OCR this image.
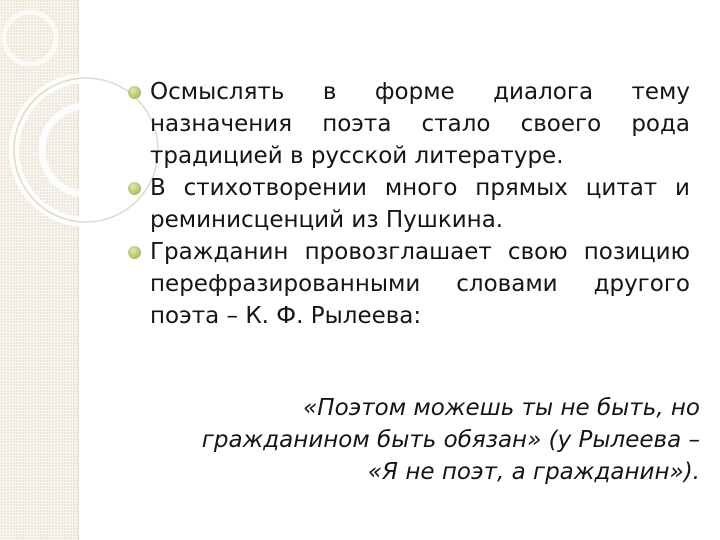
Осмыслять в форме диалога тему назначения поэта стало своего рода традицией в русской литературе.
В стихотворении много прямых цитат и реминисценций из Пушкина.
Гражданин провозглашает свою позицию перефразированными словами другого поэта – К. Ф. Рылеева:

«Поэтом можешь ты не быть, но
гражданином быть обязан» (у Рылеева –
«Я не поэт, а гражданин»).
